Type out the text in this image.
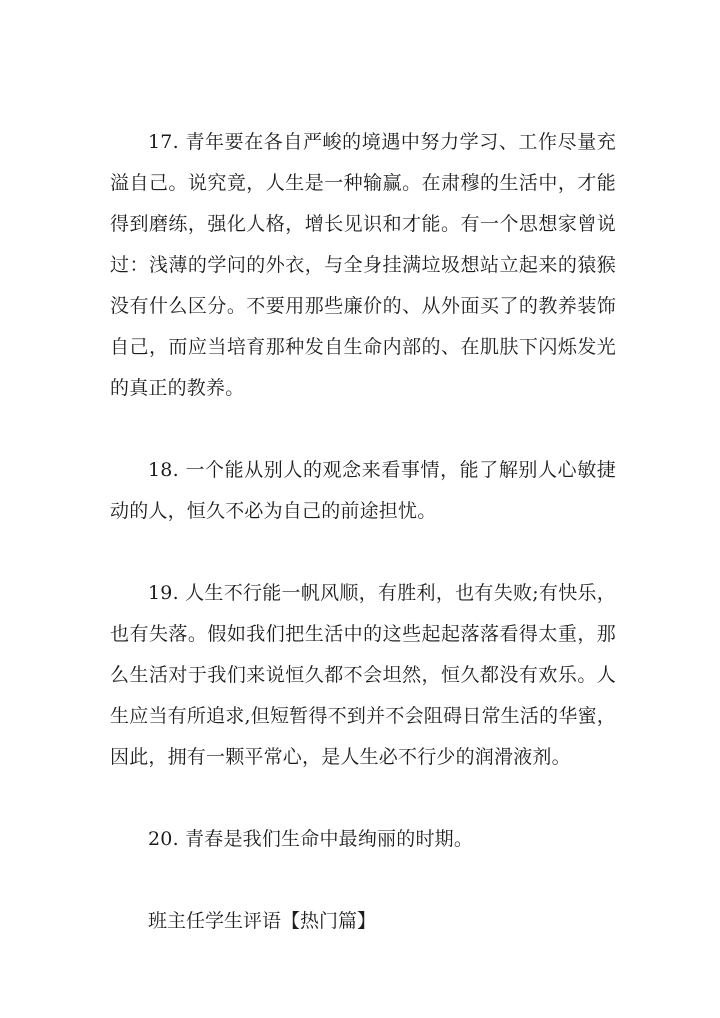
17. 青年要在各自严峻的境遇中努力学习、工作尽量充溢自己。说究竟，人生是一种输赢。在肃穆的生活中，才能得到磨练，强化人格，增长见识和才能。有一个思想家曾说过：浅薄的学问的外衣，与全身挂满垃圾想站立起来的猿猴没有什么区分。不要用那些廉价的、从外面买了的教养装饰自己，而应当培育那种发自生命内部的、在肌肤下闪烁发光的真正的教养。

18. 一个能从别人的观念来看事情，能了解别人心敏捷动的人，恒久不必为自己的前途担忧。

19. 人生不行能一帆风顺，有胜利，也有失败;有快乐，也有失落。假如我们把生活中的这些起起落落看得太重，那么生活对于我们来说恒久都不会坦然，恒久都没有欢乐。人生应当有所追求,但短暂得不到并不会阻碍日常生活的华蜜，因此，拥有一颗平常心，是人生必不行少的润滑液剂。

20. 青春是我们生命中最绚丽的时期。

班主任学生评语【热门篇】
